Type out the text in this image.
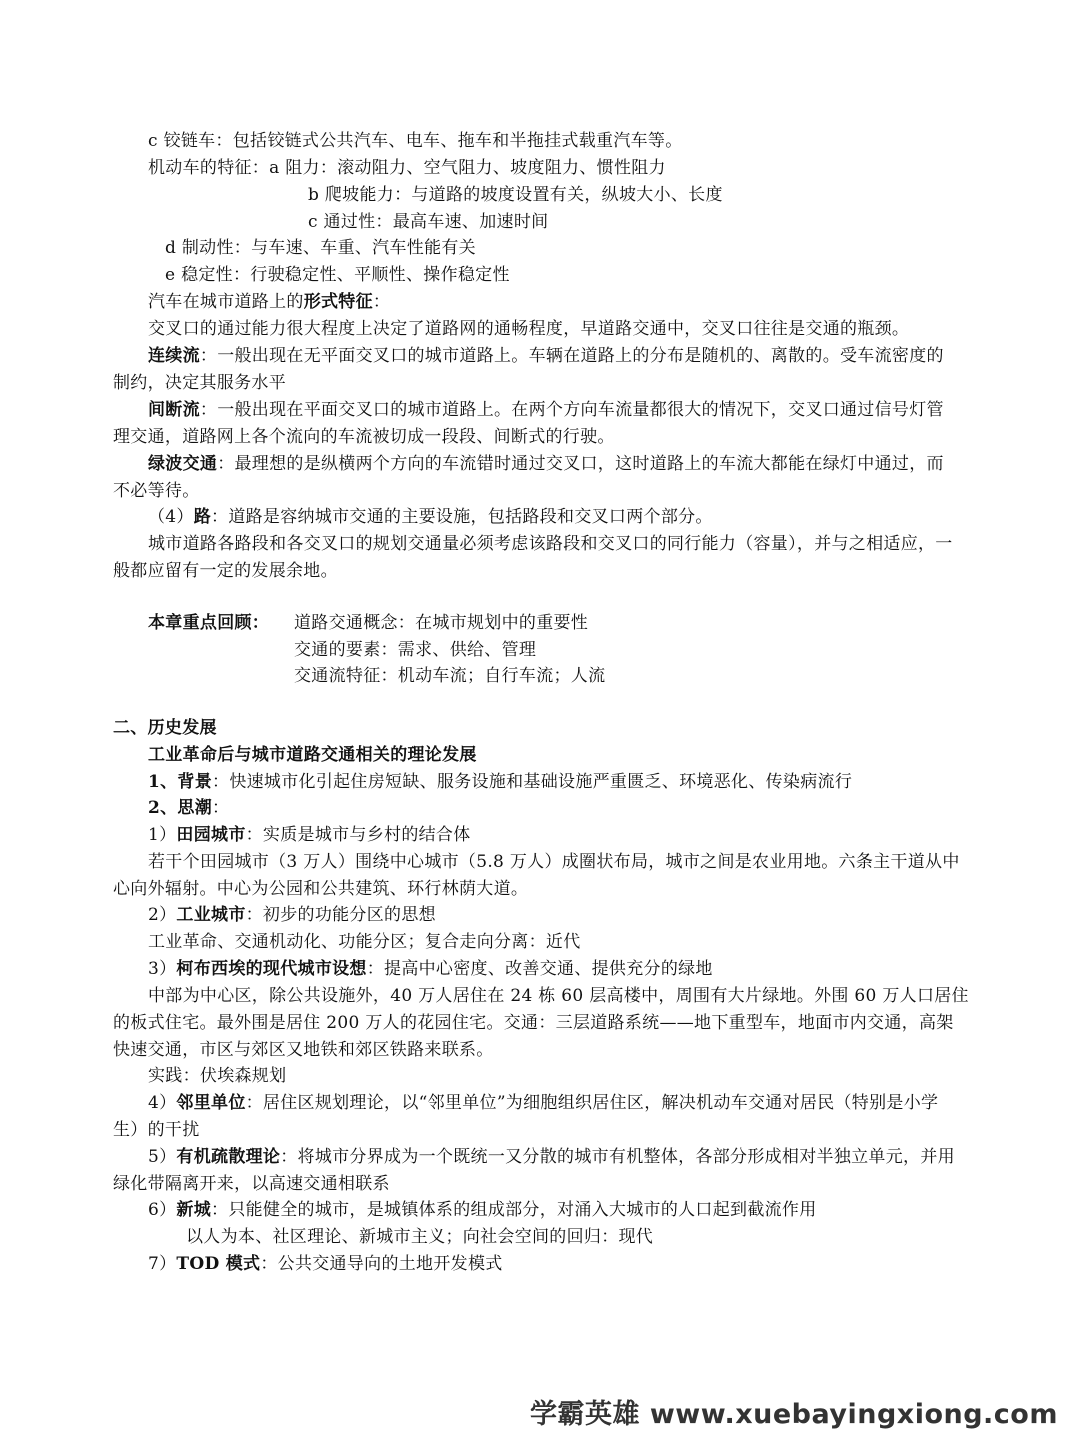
c 铰链车：包括铰链式公共汽车、电车、拖车和半拖挂式载重汽车等。
机动车的特征：a 阻力：滚动阻力、空气阻力、坡度阻力、惯性阻力
b 爬坡能力：与道路的坡度设置有关，纵坡大小、长度
c 通过性：最高车速、加速时间
d 制动性：与车速、车重、汽车性能有关
e 稳定性：行驶稳定性、平顺性、操作稳定性
汽车在城市道路上的形式特征：
交叉口的通过能力很大程度上决定了道路网的通畅程度，早道路交通中，交叉口往往是交通的瓶颈。
连续流：一般出现在无平面交叉口的城市道路上。车辆在道路上的分布是随机的、离散的。受车流密度的
制约，决定其服务水平
间断流：一般出现在平面交叉口的城市道路上。在两个方向车流量都很大的情况下，交叉口通过信号灯管
理交通，道路网上各个流向的车流被切成一段段、间断式的行驶。
绿波交通：最理想的是纵横两个方向的车流错时通过交叉口，这时道路上的车流大都能在绿灯中通过，而
不必等待。
（4）路：道路是容纳城市交通的主要设施，包括路段和交叉口两个部分。
城市道路各路段和各交叉口的规划交通量必须考虑该路段和交叉口的同行能力（容量），并与之相适应，一
般都应留有一定的发展余地。
本章重点回顾： 道路交通概念：在城市规划中的重要性
交通的要素：需求、供给、管理
交通流特征：机动车流；自行车流；人流
二、历史发展
工业革命后与城市道路交通相关的理论发展
1、背景：快速城市化引起住房短缺、服务设施和基础设施严重匮乏、环境恶化、传染病流行
2、思潮：
1）田园城市：实质是城市与乡村的结合体
若干个田园城市（3 万人）围绕中心城市（5.8 万人）成圈状布局，城市之间是农业用地。六条主干道从中
心向外辐射。中心为公园和公共建筑、环行林荫大道。
2）工业城市：初步的功能分区的思想
工业革命、交通机动化、功能分区；复合走向分离：近代
3）柯布西埃的现代城市设想：提高中心密度、改善交通、提供充分的绿地
中部为中心区，除公共设施外，40 万人居住在 24 栋 60 层高楼中，周围有大片绿地。外围 60 万人口居住
的板式住宅。最外围是居住 200 万人的花园住宅。交通：三层道路系统——地下重型车，地面市内交通，高架
快速交通，市区与郊区又地铁和郊区铁路来联系。
实践：伏埃森规划
4）邻里单位：居住区规划理论，以“邻里单位”为细胞组织居住区，解决机动车交通对居民（特别是小学
生）的干扰
5）有机疏散理论：将城市分界成为一个既统一又分散的城市有机整体，各部分形成相对半独立单元，并用
绿化带隔离开来，以高速交通相联系
6）新城：只能健全的城市，是城镇体系的组成部分，对涌入大城市的人口起到截流作用
以人为本、社区理论、新城市主义；向社会空间的回归：现代
7）TOD 模式：公共交通导向的土地开发模式
学霸英雄 www.xuebayingxiong.com
